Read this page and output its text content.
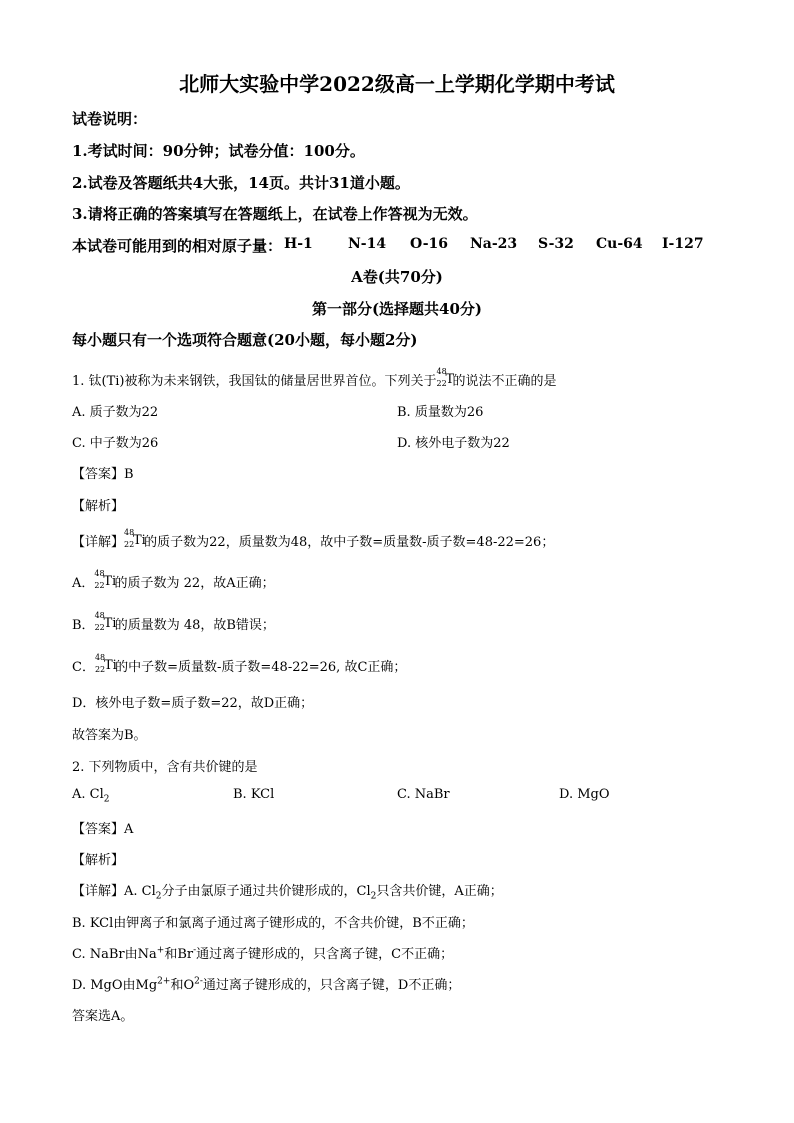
北师大实验中学2022级高一上学期化学期中考试
试卷说明：
1.考试时间：90分钟；试卷分值：100分。
2.试卷及答题纸共4大张，14页。共计31道小题。
3.请将正确的答案填写在答题纸上，在试卷上作答视为无效。
本试卷可能用到的相对原子量： H-1	N-14 O-16 Na-23 S-32 Cu-64 I-127
A卷(共70分)
第一部分(选择题共40分)
每小题只有一个选项符合题意(20小题，每小题2分)
1. 钛(Ti)被称为未来钢铁，我国钛的储量居世界首位。下列关于
48
22
T
的说法不正确的是
A. 质子数为22	B. 质量数为26
C. 中子数为26	D. 核外电子数为22
【答案】B
【解析】
【详解】
48
22
Ti
的质子数为22，质量数为48，故中子数=质量数-质子数=48-22=26；
A．
48
22
Ti
的质子数为 22，故A正确；
B．
48
22
Ti
的质量数为 48，故B错误；
C．
48
22
Ti
的中子数=质量数-质子数=48-22=26, 故C正确；
D．核外电子数=质子数=22，故D正确；
故答案为B。
2. 下列物质中，含有共价键的是
A. $Cl_2$	B. KCl	C. NaBr	D. MgO
【答案】A
【解析】
【详解】A. $Cl_2$分子由氯原子通过共价键形成的，$Cl_2$只含共价键，A正确；
B. KCl由钾离子和氯离子通过离子键形成的，不含共价键，B不正确；
C. NaBr由Na+和Br-通过离子键形成的，只含离子键，C不正确；
D. MgO由$Mg^{2+}$和$O^{2-}$通过离子键形成的，只含离子键，D不正确；
答案选A。
